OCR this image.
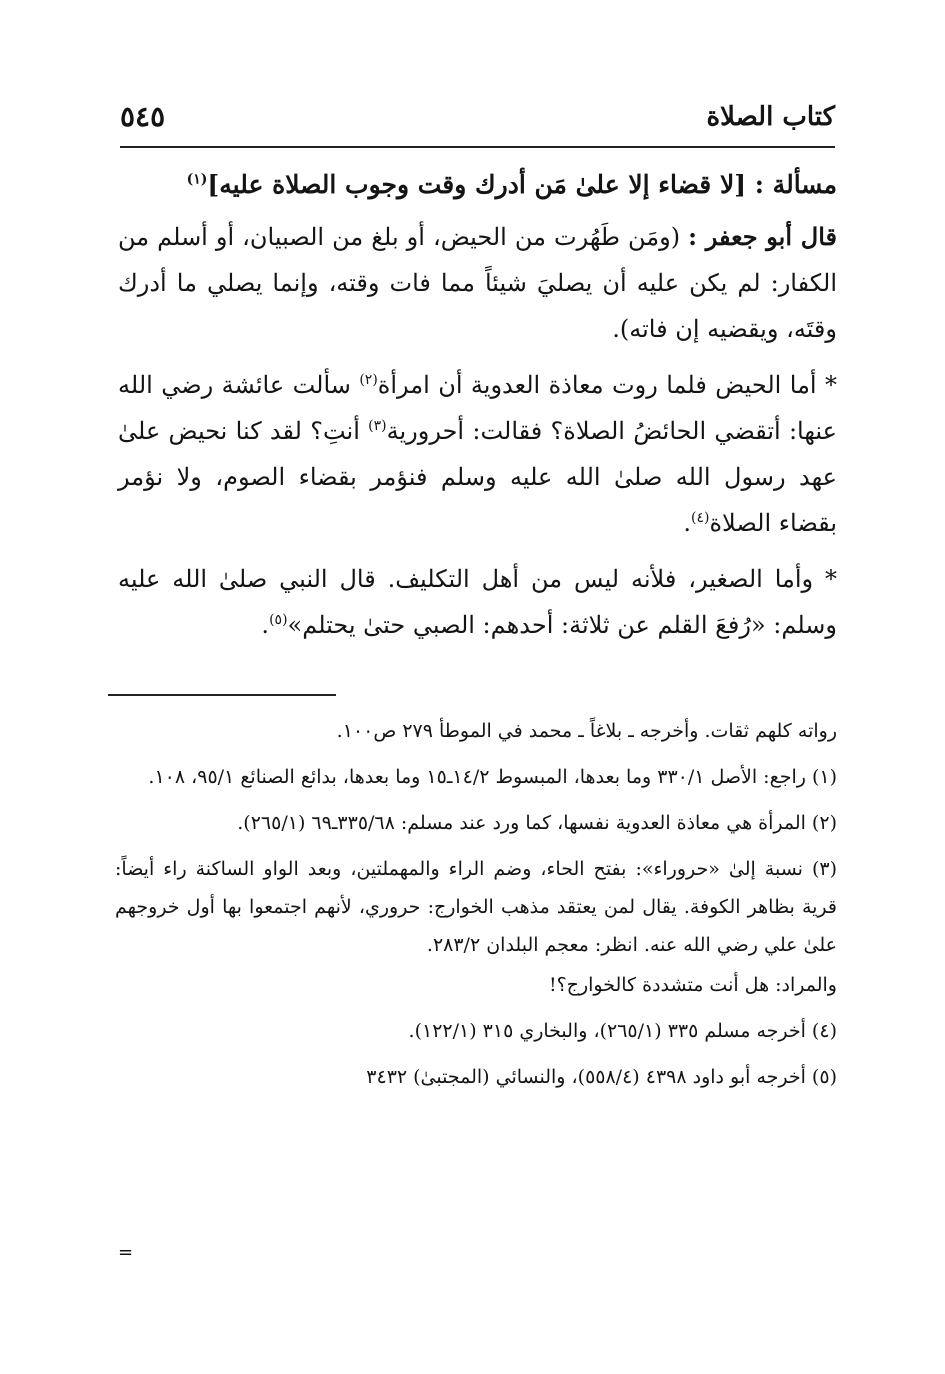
كتاب الصلاة
٥٤٥

مسألة : [لا قضاء إلا علىٰ مَن أدرك وقت وجوب الصلاة عليه]$^{(١)}$

قال أبو جعفر : (ومَن طَهُرت من الحيض، أو بلغ من الصبيان، أو أسلم من الكفار: لم يكن عليه أن يصليَ شيئاً مما فات وقته، وإنما يصلي ما أدرك وقتَه، ويقضيه إن فاته).

* أما الحيض فلما روت معاذة العدوية أن امرأة$^{(٢)}$ سألت عائشة رضي الله عنها: أتقضي الحائضُ الصلاة؟ فقالت: أحرورية$^{(٣)}$ أنتِ؟ لقد كنا نحيض علىٰ عهد رسول الله صلىٰ الله عليه وسلم فنؤمر بقضاء الصوم، ولا نؤمر بقضاء الصلاة$^{(٤)}$.

* وأما الصغير، فلأنه ليس من أهل التكليف. قال النبي صلىٰ الله عليه وسلم: «رُفعَ القلم عن ثلاثة: أحدهم: الصبي حتىٰ يحتلم»$^{(٥)}$.

رواته كلهم ثقات. وأخرجه ـ بلاغاً ـ محمد في الموطأ ٢٧٩ ص١٠٠.

(١) راجع: الأصل ٣٣٠/١ وما بعدها، المبسوط ١٤/٢ـ١٥ وما بعدها، بدائع الصنائع ٩٥/١، ١٠٨.

(٢) المرأة هي معاذة العدوية نفسها، كما ورد عند مسلم: ٣٣٥/٦٨ـ٦٩ (٢٦٥/١).

(٣) نسبة إلىٰ «حروراء»: بفتح الحاء، وضم الراء والمهملتين، وبعد الواو الساكنة راء أيضاً: قرية بظاهر الكوفة. يقال لمن يعتقد مذهب الخوارج: حروري، لأنهم اجتمعوا بها أول خروجهم علىٰ علي رضي الله عنه. انظر: معجم البلدان ٢٨٣/٢.

والمراد: هل أنت متشددة كالخوارج؟!

(٤) أخرجه مسلم ٣٣٥ (٢٦٥/١)، والبخاري ٣١٥ (١٢٢/١).

(٥) أخرجه أبو داود ٤٣٩٨ (٥٥٨/٤)، والنسائي (المجتبىٰ) ٣٤٣٢

=
